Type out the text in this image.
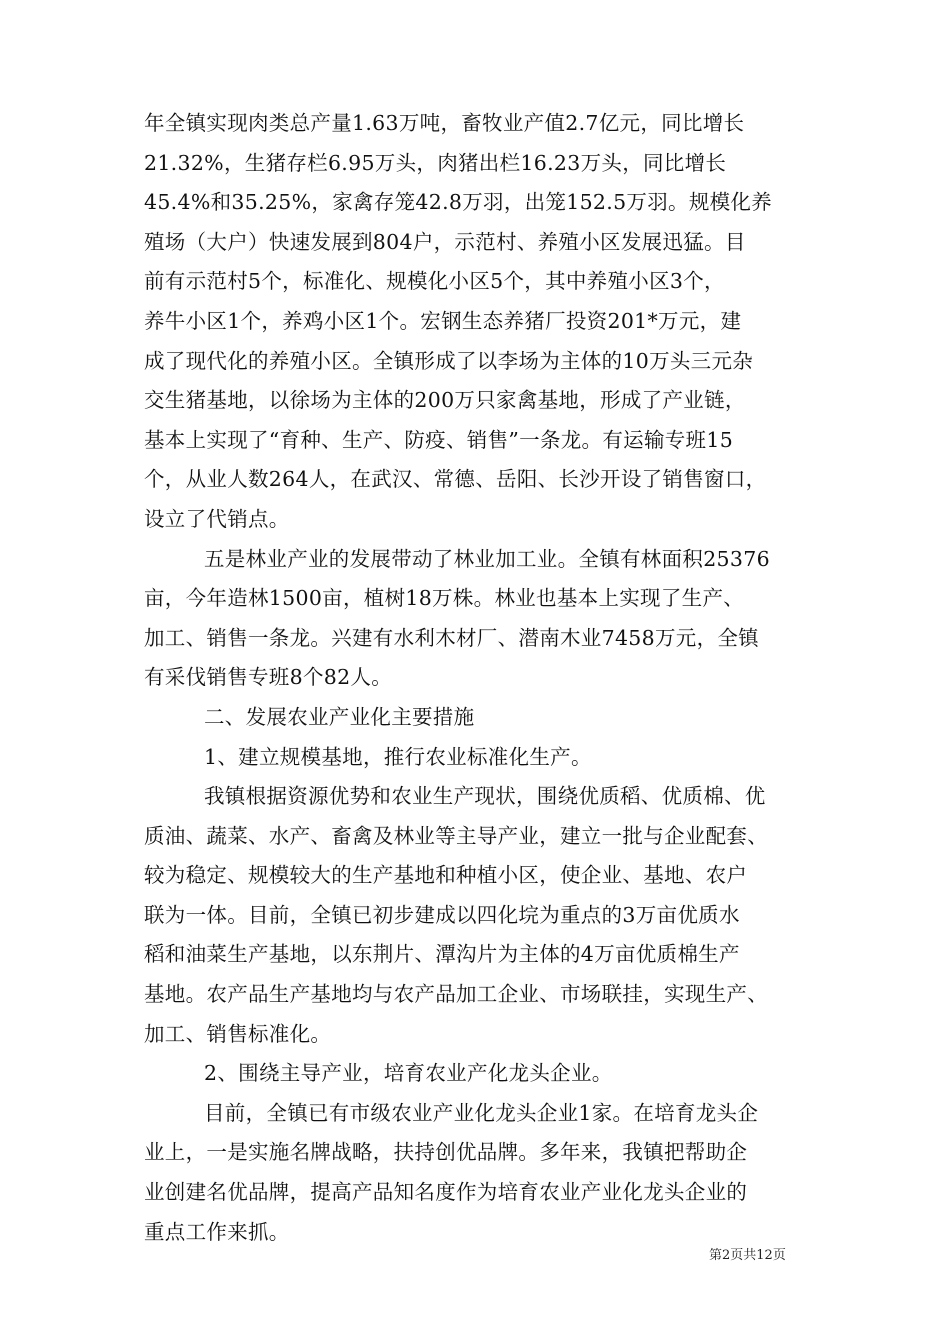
年全镇实现肉类总产量1.63万吨，畜牧业产值2.7亿元，同比增长
21.32%，生猪存栏6.95万头，肉猪出栏16.23万头，同比增长
45.4%和35.25%，家禽存笼42.8万羽，出笼152.5万羽。规模化养
殖场（大户）快速发展到804户，示范村、养殖小区发展迅猛。目
前有示范村5个，标准化、规模化小区5个，其中养殖小区3个，
养牛小区1个，养鸡小区1个。宏钢生态养猪厂投资201*万元，建
成了现代化的养殖小区。全镇形成了以李场为主体的10万头三元杂
交生猪基地，以徐场为主体的200万只家禽基地，形成了产业链，
基本上实现了“育种、生产、防疫、销售”一条龙。有运输专班15
个，从业人数264人，在武汉、常德、岳阳、长沙开设了销售窗口，
设立了代销点。
五是林业产业的发展带动了林业加工业。全镇有林面积25376
亩，今年造林1500亩，植树18万株。林业也基本上实现了生产、
加工、销售一条龙。兴建有水利木材厂、潜南木业7458万元，全镇
有采伐销售专班8个82人。
二、发展农业产业化主要措施
1、建立规模基地，推行农业标准化生产。
我镇根据资源优势和农业生产现状，围绕优质稻、优质棉、优
质油、蔬菜、水产、畜禽及林业等主导产业，建立一批与企业配套、
较为稳定、规模较大的生产基地和种植小区，使企业、基地、农户
联为一体。目前，全镇已初步建成以四化垸为重点的3万亩优质水
稻和油菜生产基地，以东荆片、潭沟片为主体的4万亩优质棉生产
基地。农产品生产基地均与农产品加工企业、市场联挂，实现生产、
加工、销售标准化。
2、围绕主导产业，培育农业产化龙头企业。
目前，全镇已有市级农业产业化龙头企业1家。在培育龙头企
业上，一是实施名牌战略，扶持创优品牌。多年来，我镇把帮助企
业创建名优品牌，提高产品知名度作为培育农业产业化龙头企业的
重点工作来抓。
第2页共12页
